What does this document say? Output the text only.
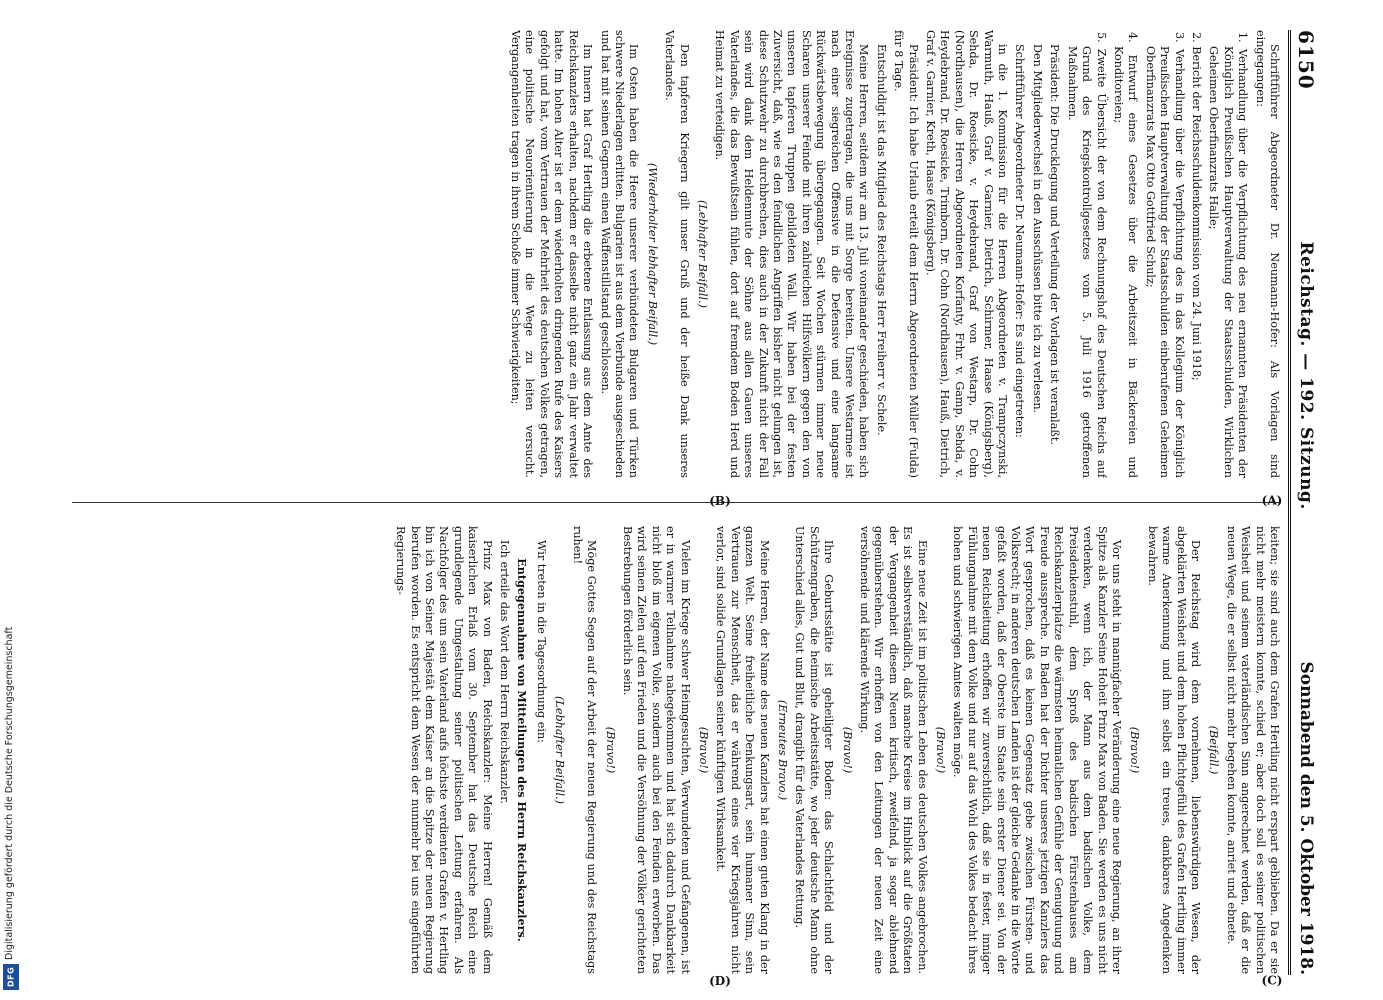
Digitalisierung gefördert durch die Deutsche Forschungsgemeinschaft
DFG
6150
Reichstag. — 192. Sitzung.
Sonnabend den 5. Oktober 1918.
(A)
(B)
(C)
(D)

Schriftführer Abgeordneter Dr. Neumann-Hofer: Als Vorlagen sind eingegangen:

1. Verhandlung über die Verpflichtung des neu ernannten Präsidenten der Königlich Preußischen Hauptverwaltung der Staatsschulden, Wirklichen Geheimen Oberfinanzrats Halle;

2. Bericht der Reichsschuldenkommission vom 24. Juni 1918;

3. Verhandlung über die Verpflichtung des in das Kollegium der Königlich Preußischen Hauptverwaltung der Staatsschulden einberufenen Geheimen Oberfinanzrats Max Otto Gottfried Schulz;

4. Entwurf eines Gesetzes über die Arbeitszeit in Bäckereien und Konditoreien;

5. Zweite Übersicht der von dem Rechnungshof des Deutschen Reichs auf Grund des Kriegskontrollgesetzes vom 5. Juli 1916 getroffenen Maßnahmen.

Präsident: Die Drucklegung und Verteilung der Vorlagen ist veranlaßt.

Den Mitgliederwechsel in den Ausschüssen bitte ich zu verlesen.

Schriftführer Abgeordneter Dr. Neumann-Hofer: Es sind eingetreten:

in die 1. Kommission für die Herren Abgeordneten v. Trampczynski, Warmuth, Hauß, Graf v. Garnier, Dietrich, Schirmer, Haase (Königsberg), Sehda, Dr. Roesicke, v. Heydebrand, Graf von Westarp, Dr. Cohn (Nordhausen), die Herren Abgeordneten Korfanty, Frhr. v. Gamp, Sehda, v. Heydebrand, Dr. Roesicke, Trimborn, Dr. Cohn (Nordhausen), Hauß, Dietrich, Graf v. Garnier, Kreth, Haase (Königsberg).

Präsident: Ich habe Urlaub erteilt dem Herrn Abgeordneten Müller (Fulda) für 8 Tage.

Entschuldigt ist das Mitglied des Reichstags Herr Freiherr v. Schele.

Meine Herren, seitdem wir am 13. Juli voneinander geschieden, haben sich Ereignisse zugetragen, die uns mit Sorge bereiten. Unsere Westarmee ist nach einer siegreichen Offensive in die Defensive und eine langsame Rückwärtsbewegung übergegangen. Seit Wochen stürmen immer neue Scharen unserer Feinde mit ihren zahlreichen Hilfsvölkern gegen den von unseren tapferen Truppen gebildeten Wall. Wir haben bei der festen Zuversicht, daß, wie es den feindlichen Angriffen bisher nicht gelungen ist, diese Schutzwehr zu durchbrechen, dies auch in der Zukunft nicht der Fall sein wird dank dem Heldenmute der Söhne aus allen Gauen unseres Vaterlandes, die das Bewußtsein fühlen, dort auf fremdem Boden Herd und Heimat zu verteidigen.

(Lebhafter Beifall.)

Den tapferen Kriegern gilt unser Gruß und der heiße Dank unseres Vaterlandes.

(Wiederholter lebhafter Beifall.)

Im Osten haben die Heere unserer verbündeten Bulgaren und Türken schwere Niederlagen erlitten. Bulgarien ist aus dem Vierbunde ausgeschieden und hat mit seinen Gegnern einen Waffenstillstand geschlossen.

Im Innern hat Graf Hertling die erbetene Entlassung aus dem Amte des Reichskanzlers erhalten, nachdem er dasselbe nicht ganz ein Jahr verwaltet hatte. Im hohen Alter ist er dem wiederholten dringenden Rufe des Kaisers gefolgt und hat, vom Vertrauen der Mehrheit des deutschen Volkes getragen, eine politische Neuorientierung in die Wege zu leiten versucht. Vergangenheiten tragen in ihrem Schoße immer Schwierigkeiten;

keiten; sie sind auch dem Grafen Hertling nicht erspart geblieben. Da er sie nicht mehr meistern konnte, schied er; aber doch soll es seiner politischen Weisheit und seinem vaterländischen Sinn angerechnet werden, daß er die neuen Wege, die er selbst nicht mehr begehen konnte, anriet und ebnete.

(Beifall.)

Der Reichstag wird dem vornehmen, liebenswürdigen Wesen, der abgeklärten Weisheit und dem hohen Pflichtgefühl des Grafen Hertling immer warme Anerkennung und ihm selbst ein treues, dankbares Angedenken bewahren.

(Bravo!)

Vor uns steht in mannigfacher Veränderung eine neue Regierung, an ihrer Spitze als Kanzler Seine Hoheit Prinz Max von Baden. Sie werden es uns nicht verdenken, wenn ich, der Mann aus dem badischen Volke, dem Preisdenkenstuhl, dem Sproß des badischen Fürstenhauses am Reichskanzlerplatze die wärmsten heimatlichen Gefühle der Genugtuung und Freude ausspreche. In Baden hat der Dichter unseres jetzigen Kanzlers das Wort gesprochen, daß es keinen Gegensatz gebe zwischen Fürsten- und Volksrecht; in anderen deutschen Landen ist der gleiche Gedanke in die Worte gefaßt worden, daß der Oberste im Staate sein erster Diener sei. Von der neuen Reichsleitung erhoffen wir zuversichtlich, daß sie in fester, inniger Fühlungnahme mit dem Volke und nur auf das Wohl des Volkes bedacht ihres hohen und schwierigen Amtes walten möge.

(Bravo!)

Eine neue Zeit ist im politischen Leben des deutschen Volkes angebrochen. Es ist selbstverständlich, daß manche Kreise im Hinblick auf die Größtaten der Vergangenheit diesem Neuen kritisch, zweifelnd, ja sogar ablehnend gegenüberstehen. Wir erhoffen von den Leitungen der neuen Zeit eine versöhnende und klärende Wirkung.

(Bravo!)

Ihre Geburtsstätte ist geheiligter Boden: das Schlachtfeld und der Schützengraben, die heimische Arbeitsstätte, wo jeder deutsche Mann ohne Unterschied alles, Gut und Blut, drangibt für des Vaterlandes Rettung.

(Erneutes Bravo.)

Meine Herren, der Name des neuen Kanzlers hat einen guten Klang in der ganzen Welt. Seine freiheitliche Denkungsart, sein humaner Sinn, sein Vertrauen zur Menschheit, das er während eines vier Kriegsjahren nicht verlor, sind solide Grundlagen seiner künftigen Wirksamkeit.

(Bravo!)

Vielen im Kriege schwer Heimgesuchten, Verwundeten und Gefangenen, ist er in warmer Teilnahme nahegekommen und hat sich dadurch Dankbarkeit nicht bloß im eigenen Volke, sondern auch bei den Feinden erworben. Das wird seinen Zielen auf den Frieden und die Versöhnung der Völker gerichteten Bestrebungen förderlich sein.

(Bravo!)

Möge Gottes Segen auf der Arbeit der neuen Regierung und des Reichstags ruhen!

(Lebhafter Beifall.)

Wir treten in die Tagesordnung ein:

Entgegennahme von Mitteilungen des Herrn Reichskanzlers.

Ich erteile das Wort dem Herrn Reichskanzler.

Prinz Max von Baden, Reichskanzler: Meine Herren! Gemäß dem kaiserlichen Erlaß vom 30. September hat das Deutsche Reich eine grundlegende Umgestaltung seiner politischen Leitung erfahren. Als Nachfolger des um sein Vaterland aufs höchste verdienten Grafen v. Hertling bin ich von Seiner Majestät dem Kaiser an die Spitze der neuen Regierung berufen worden. Es entspricht dem Wesen der nunmehr bei uns eingeführten Regierungs-
